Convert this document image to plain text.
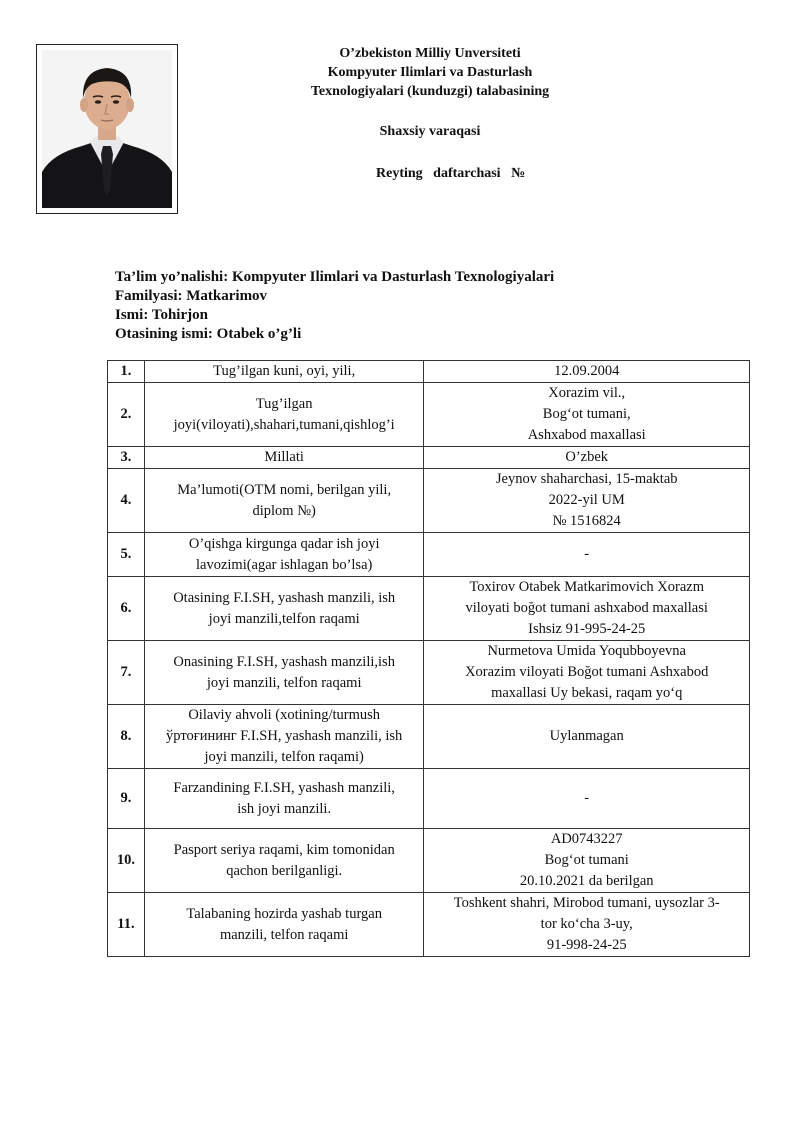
O’zbekiston Milliy Unversiteti
Kompyuter Ilimlari va Dasturlash
Texnologiyalari (kunduzgi) talabasining
Shaxsiy varaqasi
Reyting   daftarchasi   №
Ta’lim yo’nalishi: Kompyuter Ilimlari va Dasturlash Texnologiyalari
Familyasi: Matkarimov
Ismi: Tohirjon
Otasining ismi: Otabek o’g’li
1.	Tug’ilgan kuni, oyi, yili,	12.09.2004
2.	Tug’ilgan
joyi(viloyati),shahari,tumani,qishlog’i	Xorazim vil.,
Bog‘ot tumani,
Ashxabod maxallasi
3.	Millati	O’zbek
4.	Ma’lumoti(OTM nomi, berilgan yili,
diplom №)	Jeynov shaharchasi, 15-maktab
2022-yil UM
№ 1516824
5.	O’qishga kirgunga qadar ish joyi
lavozimi(agar ishlagan bo’lsa)	-
6.	Otasining F.I.SH, yashash manzili, ish
joyi manzili,telfon raqami	Toxirov Otabek Matkarimovich Xorazm
viloyati boğot tumani ashxabod maxallasi
Ishsiz 91-995-24-25
7.	Onasining F.I.SH, yashash manzili,ish
joyi manzili, telfon raqami	Nurmetova Umida Yoqubboyevna
Xorazim viloyati Boğot tumani Ashxabod
maxallasi Uy bekasi, raqam yo‘q
8.	Oilaviy ahvoli (xotining/turmush
ўртоғининг F.I.SH, yashash manzili, ish
joyi manzili, telfon raqami)	Uylanmagan
9.	Farzandining F.I.SH, yashash manzili,
ish joyi manzili.	-
10.	Pasport seriya raqami, kim tomonidan
qachon berilganligi.	AD0743227
Bog‘ot tumani
20.10.2021 da berilgan
11.	Talabaning hozirda yashab turgan
manzili, telfon raqami	Toshkent shahri, Mirobod tumani, uysozlar 3-
tor ko‘cha 3-uy,
91-998-24-25
